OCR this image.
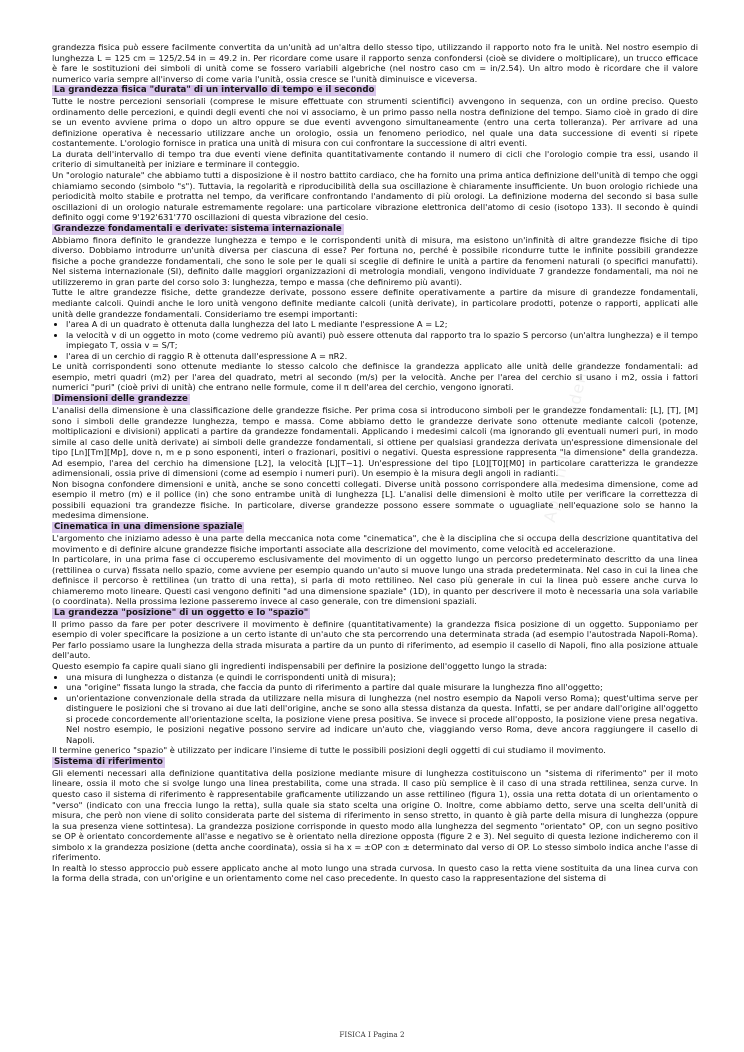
grandezza fisica può essere facilmente convertita da un'unità ad un'altra dello stesso tipo, utilizzando il rapporto noto fra le unità. Nel nostro esempio di lunghezza L = 125 cm = 125/2.54 in = 49.2 in. Per ricordare come usare il rapporto senza confondersi (cioè se dividere o moltiplicare), un trucco efficace è fare le sostituzioni dei simboli di unità come se fossero variabili algebriche (nel nostro caso cm = in/2.54). Un altro modo è ricordare che il valore numerico varia sempre all'inverso di come varia l'unità, ossia cresce se l'unità diminuisce e viceversa.

La grandezza fisica "durata" di un intervallo di tempo e il secondo

Tutte le nostre percezioni sensoriali (comprese le misure effettuate con strumenti scientifici) avvengono in sequenza, con un ordine preciso. Questo ordinamento delle percezioni, e quindi degli eventi che noi vi associamo, è un primo passo nella nostra definizione del tempo. Siamo cioè in grado di dire se un evento avviene prima o dopo un altro oppure se due eventi avvengono simultaneamente (entro una certa tolleranza). Per arrivare ad una definizione operativa è necessario utilizzare anche un orologio, ossia un fenomeno periodico, nel quale una data successione di eventi si ripete costantemente. L'orologio fornisce in pratica una unità di misura con cui confrontare la successione di altri eventi.

La durata dell'intervallo di tempo tra due eventi viene definita quantitativamente contando il numero di cicli che l'orologio compie tra essi, usando il criterio di simultaneità per iniziare e terminare il conteggio.

Un "orologio naturale" che abbiamo tutti a disposizione è il nostro battito cardiaco, che ha fornito una prima antica definizione dell'unità di tempo che oggi chiamiamo secondo (simbolo "s"). Tuttavia, la regolarità e riproducibilità della sua oscillazione è chiaramente insufficiente. Un buon orologio richiede una periodicità molto stabile e protratta nel tempo, da verificare confrontando l'andamento di più orologi. La definizione moderna del secondo si basa sulle oscillazioni di un orologio naturale estremamente regolare: una particolare vibrazione elettronica dell'atomo di cesio (isotopo 133). Il secondo è quindi definito oggi come 9'192'631'770 oscillazioni di questa vibrazione del cesio.

Grandezze fondamentali e derivate: sistema internazionale

Abbiamo finora definito le grandezze lunghezza e tempo e le corrispondenti unità di misura, ma esistono un'infinità di altre grandezze fisiche di tipo diverso. Dobbiamo introdurre un'unità diversa per ciascuna di esse? Per fortuna no, perché è possibile ricondurre tutte le infinite possibili grandezze fisiche a poche grandezze fondamentali, che sono le sole per le quali si sceglie di definire le unità a partire da fenomeni naturali (o specifici manufatti). Nel sistema internazionale (SI), definito dalle maggiori organizzazioni di metrologia mondiali, vengono individuate 7 grandezze fondamentali, ma noi ne utilizzeremo in gran parte del corso solo 3: lunghezza, tempo e massa (che definiremo più avanti).

Tutte le altre grandezze fisiche, dette grandezze derivate, possono essere definite operativamente a partire da misure di grandezze fondamentali, mediante calcoli. Quindi anche le loro unità vengono definite mediante calcoli (unità derivate), in particolare prodotti, potenze o rapporti, applicati alle unità delle grandezze fondamentali. Consideriamo tre esempi importanti:

• l'area A di un quadrato è ottenuta dalla lunghezza del lato L mediante l'espressione A = L2;
• la velocità v di un oggetto in moto (come vedremo più avanti) può essere ottenuta dal rapporto tra lo spazio S percorso (un'altra lunghezza) e il tempo impiegato T, ossia v = S/T;
• l'area di un cerchio di raggio R è ottenuta dall'espressione A = πR2.

Le unità corrispondenti sono ottenute mediante lo stesso calcolo che definisce la grandezza applicato alle unità delle grandezze fondamentali: ad esempio, metri quadri (m2) per l'area del quadrato, metri al secondo (m/s) per la velocità. Anche per l'area del cerchio si usano i m2, ossia i fattori numerici "puri" (cioè privi di unità) che entrano nelle formule, come il π dell'area del cerchio, vengono ignorati.

Dimensioni delle grandezze

L'analisi della dimensione è una classificazione delle grandezze fisiche. Per prima cosa si introducono simboli per le grandezze fondamentali: [L], [T], [M] sono i simboli delle grandezze lunghezza, tempo e massa. Come abbiamo detto le grandezze derivate sono ottenute mediante calcoli (potenze, moltiplicazioni e divisioni) applicati a partire da grandezze fondamentali. Applicando i medesimi calcoli (ma ignorando gli eventuali numeri puri, in modo simile al caso delle unità derivate) ai simboli delle grandezze fondamentali, si ottiene per qualsiasi grandezza derivata un'espressione dimensionale del tipo [Ln][Tm][Mp], dove n, m e p sono esponenti, interi o frazionari, positivi o negativi. Questa espressione rappresenta "la dimensione" della grandezza. Ad esempio, l'area del cerchio ha dimensione [L2], la velocità [L][T−1]. Un'espressione del tipo [L0][T0][M0] in particolare caratterizza le grandezze adimensionali, ossia prive di dimensioni (come ad esempio i numeri puri). Un esempio è la misura degli angoli in radianti.

Non bisogna confondere dimensioni e unità, anche se sono concetti collegati. Diverse unità possono corrispondere alla medesima dimensione, come ad esempio il metro (m) e il pollice (in) che sono entrambe unità di lunghezza [L]. L'analisi delle dimensioni è molto utile per verificare la correttezza di possibili equazioni tra grandezze fisiche. In particolare, diverse grandezze possono essere sommate o uguagliate nell'equazione solo se hanno la medesima dimensione.

Cinematica in una dimensione spaziale

L'argomento che iniziamo adesso è una parte della meccanica nota come "cinematica", che è la disciplina che si occupa della descrizione quantitativa del movimento e di definire alcune grandezze fisiche importanti associate alla descrizione del movimento, come velocità ed accelerazione.

In particolare, in una prima fase ci occuperemo esclusivamente del movimento di un oggetto lungo un percorso predeterminato descritto da una linea (rettilinea o curva) fissata nello spazio, come avviene per esempio quando un'auto si muove lungo una strada predeterminata. Nel caso in cui la linea che definisce il percorso è rettilinea (un tratto di una retta), si parla di moto rettilineo. Nel caso più generale in cui la linea può essere anche curva lo chiameremo moto lineare. Questi casi vengono definiti "ad una dimensione spaziale" (1D), in quanto per descrivere il moto è necessaria una sola variabile (o coordinata). Nella prossima lezione passeremo invece al caso generale, con tre dimensioni spaziali.

La grandezza "posizione" di un oggetto e lo "spazio"

Il primo passo da fare per poter descrivere il movimento è definire (quantitativamente) la grandezza fisica posizione di un oggetto. Supponiamo per esempio di voler specificare la posizione a un certo istante di un'auto che sta percorrendo una determinata strada (ad esempio l'autostrada Napoli-Roma). Per farlo possiamo usare la lunghezza della strada misurata a partire da un punto di riferimento, ad esempio il casello di Napoli, fino alla posizione attuale dell'auto.

Questo esempio fa capire quali siano gli ingredienti indispensabili per definire la posizione dell'oggetto lungo la strada:

• una misura di lunghezza o distanza (e quindi le corrispondenti unità di misura);
• una "origine" fissata lungo la strada, che faccia da punto di riferimento a partire dal quale misurare la lunghezza fino all'oggetto;
• un'orientazione convenzionale della strada da utilizzare nella misura di lunghezza (nel nostro esempio da Napoli verso Roma); quest'ultima serve per distinguere le posizioni che si trovano ai due lati dell'origine, anche se sono alla stessa distanza da questa. Infatti, se per andare dall'origine all'oggetto si procede concordemente all'orientazione scelta, la posizione viene presa positiva. Se invece si procede all'opposto, la posizione viene presa negativa. Nel nostro esempio, le posizioni negative possono servire ad indicare un'auto che, viaggiando verso Roma, deve ancora raggiungere il casello di Napoli.

Il termine generico "spazio" è utilizzato per indicare l'insieme di tutte le possibili posizioni degli oggetti di cui studiamo il movimento.

Sistema di riferimento

Gli elementi necessari alla definizione quantitativa della posizione mediante misure di lunghezza costituiscono un "sistema di riferimento" per il moto lineare, ossia il moto che si svolge lungo una linea prestabilita, come una strada. Il caso più semplice è il caso di una strada rettilinea, senza curve. In questo caso il sistema di riferimento è rappresentabile graficamente utilizzando un asse rettilineo (figura 1), ossia una retta dotata di un orientamento o "verso" (indicato con una freccia lungo la retta), sulla quale sia stato scelta una origine O. Inoltre, come abbiamo detto, serve una scelta dell'unità di misura, che però non viene di solito considerata parte del sistema di riferimento in senso stretto, in quanto è già parte della misura di lunghezza (oppure la sua presenza viene sottintesa). La grandezza posizione corrisponde in questo modo alla lunghezza del segmento "orientato" OP, con un segno positivo se OP è orientato concordemente all'asse e negativo se è orientato nella direzione opposta (figure 2 e 3). Nel seguito di questa lezione indicheremo con il simbolo x la grandezza posizione (detta anche coordinata), ossia si ha x = ±OP con ± determinato dal verso di OP. Lo stesso simbolo indica anche l'asse di riferimento.

In realtà lo stesso approccio può essere applicato anche al moto lungo una strada curvosa. In questo caso la retta viene sostituita da una linea curva con la forma della strada, con un'origine e un orientamento come nel caso precedente. In questo caso la rappresentazione del sistema di

Appunti di Sudenti
FISICA I Pagina 2
